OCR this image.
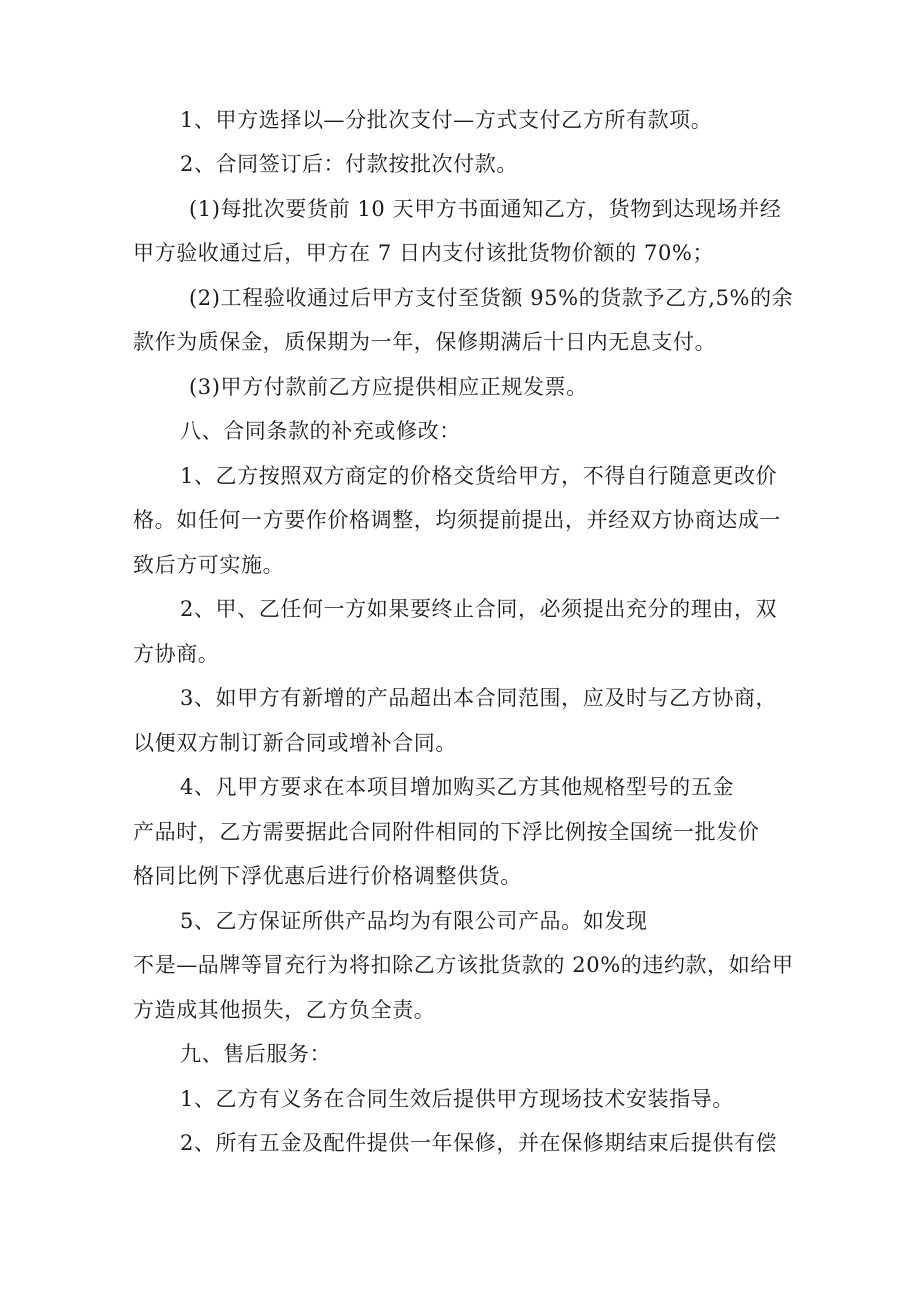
1、甲方选择以—分批次支付—方式支付乙方所有款项。
2、合同签订后：付款按批次付款。
(1)每批次要货前 10 天甲方书面通知乙方，货物到达现场并经
甲方验收通过后，甲方在 7 日内支付该批货物价额的 70%；
(2)工程验收通过后甲方支付至货额 95%的货款予乙方,5%的余
款作为质保金，质保期为一年，保修期满后十日内无息支付。
(3)甲方付款前乙方应提供相应正规发票。
八、合同条款的补充或修改：
1、乙方按照双方商定的价格交货给甲方，不得自行随意更改价
格。如任何一方要作价格调整，均须提前提出，并经双方协商达成一
致后方可实施。
2、甲、乙任何一方如果要终止合同，必须提出充分的理由，双
方协商。
3、如甲方有新增的产品超出本合同范围，应及时与乙方协商，
以便双方制订新合同或增补合同。
4、凡甲方要求在本项目增加购买乙方其他规格型号的五金
产品时，乙方需要据此合同附件相同的下浮比例按全国统一批发价
格同比例下浮优惠后进行价格调整供货。
5、乙方保证所供产品均为有限公司产品。如发现
不是—品牌等冒充行为将扣除乙方该批货款的 20%的违约款，如给甲
方造成其他损失，乙方负全责。
九、售后服务：
1、乙方有义务在合同生效后提供甲方现场技术安装指导。
2、所有五金及配件提供一年保修，并在保修期结束后提供有偿
